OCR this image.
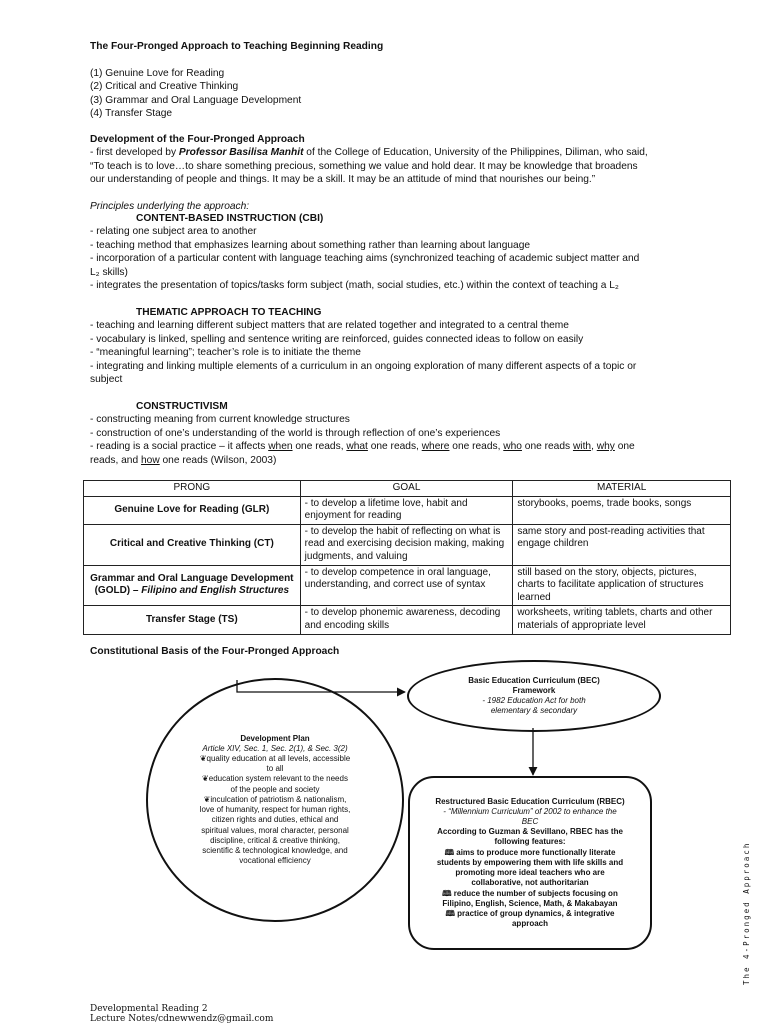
The Four-Pronged Approach to Teaching Beginning Reading
(1) Genuine Love for Reading
(2) Critical and Creative Thinking
(3) Grammar and Oral Language Development
(4) Transfer Stage
Development of the Four-Pronged Approach
- first developed by Professor Basilisa Manhit of the College of Education, University of the Philippines, Diliman, who said,
“To teach is to love…to share something precious, something we value and hold dear. It may be knowledge that broadens
our understanding of people and things. It may be a skill. It may be an attitude of mind that nourishes our being.”
Principles underlying the approach:
CONTENT-BASED INSTRUCTION (CBI)
- relating one subject area to another
- teaching method that emphasizes learning about something rather than learning about language
- incorporation of a particular content with language teaching aims (synchronized teaching of academic subject matter and
L₂ skills)
- integrates the presentation of topics/tasks form subject (math, social studies, etc.) within the context of teaching a L₂
THEMATIC APPROACH TO TEACHING
- teaching and learning different subject matters that are related together and integrated to a central theme
- vocabulary is linked, spelling and sentence writing are reinforced, guides connected ideas to follow on easily
- “meaningful learning”; teacher’s role is to initiate the theme
- integrating and linking multiple elements of a curriculum in an ongoing exploration of many different aspects of a topic or
subject
CONSTRUCTIVISM
- constructing meaning from current knowledge structures
- construction of one’s understanding of the world is through reflection of one’s experiences
- reading is a social practice – it affects when one reads, what one reads, where one reads, who one reads with, why one
reads, and how one reads (Wilson, 2003)
PRONG	GOAL	MATERIAL
Genuine Love for Reading (GLR)	- to develop a lifetime love, habit and enjoyment for reading	storybooks, poems, trade books, songs
Critical and Creative Thinking (CT)	- to develop the habit of reflecting on what is read and exercising decision making, making judgments, and valuing	same story and post-reading activities that engage children
Grammar and Oral Language Development (GOLD) – Filipino and English Structures	- to develop competence in oral language, understanding, and correct use of syntax	still based on the story, objects, pictures, charts to facilitate application of structures learned
Transfer Stage (TS)	- to develop phonemic awareness, decoding and encoding skills	worksheets, writing tablets, charts and other materials of appropriate level
Constitutional Basis of the Four-Pronged Approach
Development Plan
Article XIV, Sec. 1, Sec. 2(1), & Sec. 3(2)
❦quality education at all levels, accessible
to all
❦education system relevant to the needs
of the people and society
❦inculcation of patriotism & nationalism,
love of humanity, respect for human rights,
citizen rights and duties, ethical and
spiritual values, moral character, personal
discipline, critical & creative thinking,
scientific & technological knowledge, and
vocational efficiency
Basic Education Curriculum (BEC)
Framework
- 1982 Education Act for both
elementary & secondary
Restructured Basic Education Curriculum (RBEC)
- “Millennium Curriculum” of 2002 to enhance the
BEC
According to Guzman & Sevillano, RBEC has the
following features:
🕮 aims to produce more functionally literate
students by empowering them with life skills and
promoting more ideal teachers who are
collaborative, not authoritarian
🕮 reduce the number of subjects focusing on
Filipino, English, Science, Math, & Makabayan
🕮 practice of group dynamics, & integrative
approach
Developmental Reading 2
Lecture Notes/cdnewwendz@gmail.com
The 4-Pronged Approach
